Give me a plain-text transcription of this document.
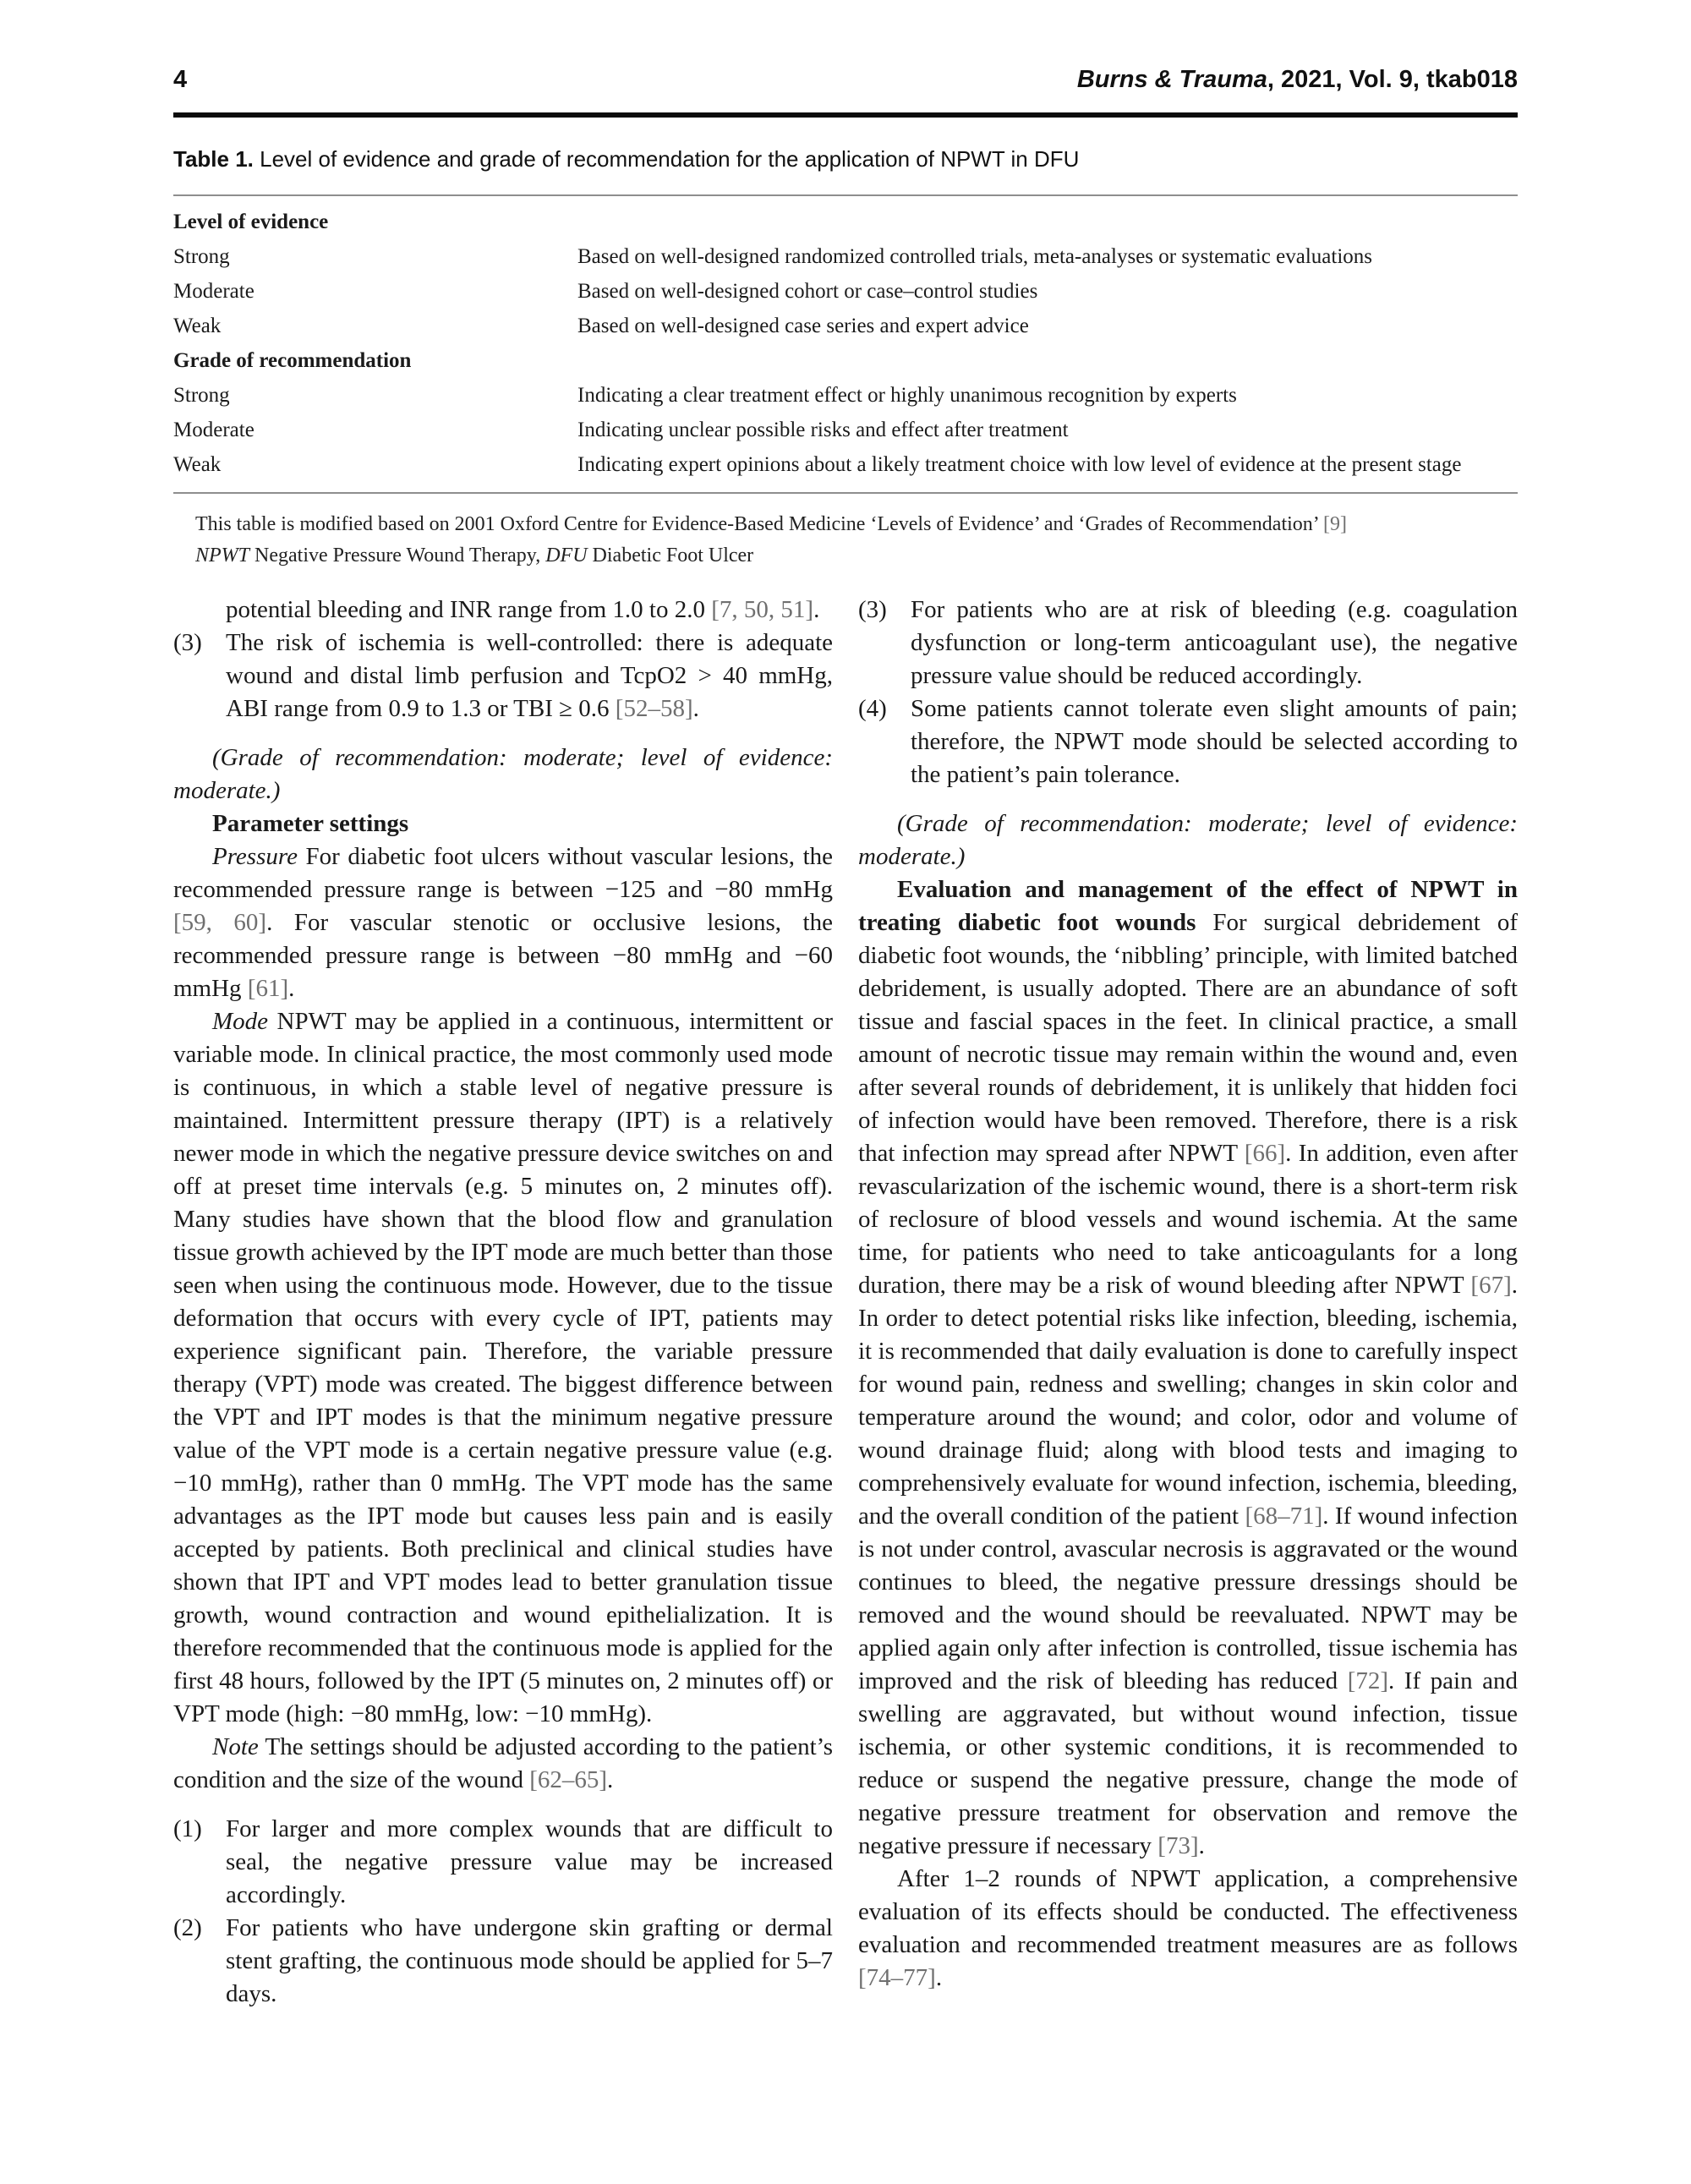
4	Burns & Trauma, 2021, Vol. 9, tkab018

Table 1. Level of evidence and grade of recommendation for the application of NPWT in DFU

Level of evidence
Strong	Based on well-designed randomized controlled trials, meta-analyses or systematic evaluations
Moderate	Based on well-designed cohort or case–control studies
Weak	Based on well-designed case series and expert advice
Grade of recommendation
Strong	Indicating a clear treatment effect or highly unanimous recognition by experts
Moderate	Indicating unclear possible risks and effect after treatment
Weak	Indicating expert opinions about a likely treatment choice with low level of evidence at the present stage

This table is modified based on 2001 Oxford Centre for Evidence-Based Medicine ‘Levels of Evidence’ and ‘Grades of Recommendation’ [9]

NPWT Negative Pressure Wound Therapy, DFU Diabetic Foot Ulcer

potential bleeding and INR range from 1.0 to 2.0 [7, 50, 51].
(3) The risk of ischemia is well-controlled: there is adequate wound and distal limb perfusion and TcpO2 > 40 mmHg, ABI range from 0.9 to 1.3 or TBI ≥ 0.6 [52–58].

(Grade of recommendation: moderate; level of evidence: moderate.)

Parameter settings

Pressure For diabetic foot ulcers without vascular lesions, the recommended pressure range is between −125 and −80 mmHg [59, 60]. For vascular stenotic or occlusive lesions, the recommended pressure range is between −80 mmHg and −60 mmHg [61].

Mode NPWT may be applied in a continuous, intermittent or variable mode. In clinical practice, the most commonly used mode is continuous, in which a stable level of negative pressure is maintained. Intermittent pressure therapy (IPT) is a relatively newer mode in which the negative pressure device switches on and off at preset time intervals (e.g. 5 minutes on, 2 minutes off). Many studies have shown that the blood flow and granulation tissue growth achieved by the IPT mode are much better than those seen when using the continuous mode. However, due to the tissue deformation that occurs with every cycle of IPT, patients may experience significant pain. Therefore, the variable pressure therapy (VPT) mode was created. The biggest difference between the VPT and IPT modes is that the minimum negative pressure value of the VPT mode is a certain negative pressure value (e.g. −10 mmHg), rather than 0 mmHg. The VPT mode has the same advantages as the IPT mode but causes less pain and is easily accepted by patients. Both preclinical and clinical studies have shown that IPT and VPT modes lead to better granulation tissue growth, wound contraction and wound epithelialization. It is therefore recommended that the continuous mode is applied for the first 48 hours, followed by the IPT (5 minutes on, 2 minutes off) or VPT mode (high: −80 mmHg, low: −10 mmHg).

Note The settings should be adjusted according to the patient’s condition and the size of the wound [62–65].

(1) For larger and more complex wounds that are difficult to seal, the negative pressure value may be increased accordingly.
(2) For patients who have undergone skin grafting or dermal stent grafting, the continuous mode should be applied for 5–7 days.
(3) For patients who are at risk of bleeding (e.g. coagulation dysfunction or long-term anticoagulant use), the negative pressure value should be reduced accordingly.
(4) Some patients cannot tolerate even slight amounts of pain; therefore, the NPWT mode should be selected according to the patient’s pain tolerance.

(Grade of recommendation: moderate; level of evidence: moderate.)

Evaluation and management of the effect of NPWT in treating diabetic foot wounds For surgical debridement of diabetic foot wounds, the ‘nibbling’ principle, with limited batched debridement, is usually adopted. There are an abundance of soft tissue and fascial spaces in the feet. In clinical practice, a small amount of necrotic tissue may remain within the wound and, even after several rounds of debridement, it is unlikely that hidden foci of infection would have been removed. Therefore, there is a risk that infection may spread after NPWT [66]. In addition, even after revascularization of the ischemic wound, there is a short-term risk of reclosure of blood vessels and wound ischemia. At the same time, for patients who need to take anticoagulants for a long duration, there may be a risk of wound bleeding after NPWT [67]. In order to detect potential risks like infection, bleeding, ischemia, it is recommended that daily evaluation is done to carefully inspect for wound pain, redness and swelling; changes in skin color and temperature around the wound; and color, odor and volume of wound drainage fluid; along with blood tests and imaging to comprehensively evaluate for wound infection, ischemia, bleeding, and the overall condition of the patient [68–71]. If wound infection is not under control, avascular necrosis is aggravated or the wound continues to bleed, the negative pressure dressings should be removed and the wound should be reevaluated. NPWT may be applied again only after infection is controlled, tissue ischemia has improved and the risk of bleeding has reduced [72]. If pain and swelling are aggravated, but without wound infection, tissue ischemia, or other systemic conditions, it is recommended to reduce or suspend the negative pressure, change the mode of negative pressure treatment for observation and remove the negative pressure if necessary [73].

After 1–2 rounds of NPWT application, a comprehensive evaluation of its effects should be conducted. The effectiveness evaluation and recommended treatment measures are as follows [74–77].
